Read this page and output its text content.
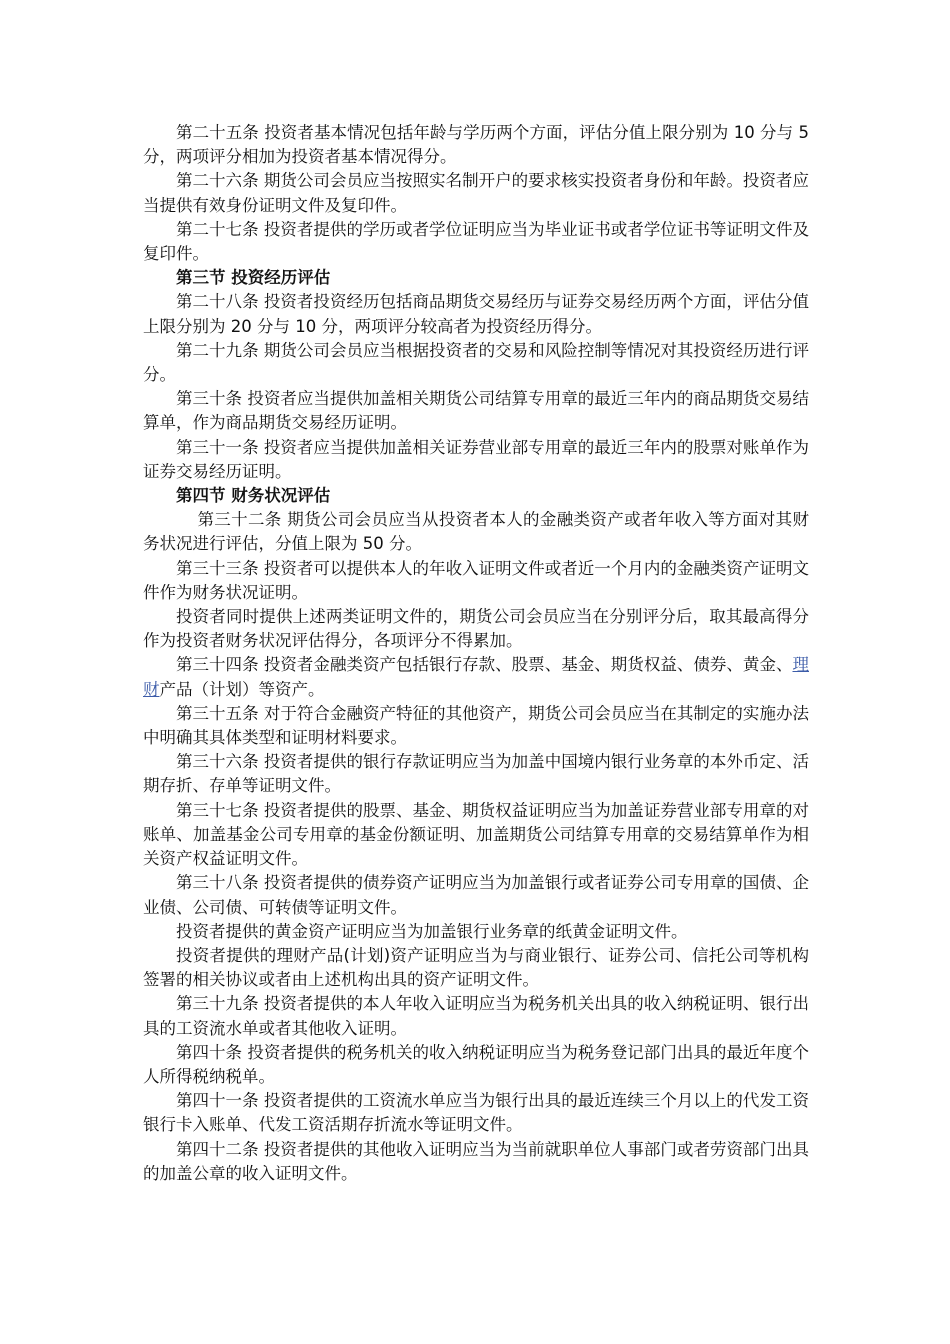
第二十五条 投资者基本情况包括年龄与学历两个方面，评估分值上限分别为 10 分与 5 分，两项评分相加为投资者基本情况得分。

第二十六条 期货公司会员应当按照实名制开户的要求核实投资者身份和年龄。投资者应当提供有效身份证明文件及复印件。

第二十七条 投资者提供的学历或者学位证明应当为毕业证书或者学位证书等证明文件及复印件。

第三节 投资经历评估

第二十八条 投资者投资经历包括商品期货交易经历与证券交易经历两个方面，评估分值上限分别为 20 分与 10 分，两项评分较高者为投资经历得分。

第二十九条 期货公司会员应当根据投资者的交易和风险控制等情况对其投资经历进行评分。

第三十条 投资者应当提供加盖相关期货公司结算专用章的最近三年内的商品期货交易结算单，作为商品期货交易经历证明。

第三十一条 投资者应当提供加盖相关证券营业部专用章的最近三年内的股票对账单作为证券交易经历证明。

第四节 财务状况评估

第三十二条 期货公司会员应当从投资者本人的金融类资产或者年收入等方面对其财务状况进行评估，分值上限为 50 分。

第三十三条 投资者可以提供本人的年收入证明文件或者近一个月内的金融类资产证明文件作为财务状况证明。

投资者同时提供上述两类证明文件的，期货公司会员应当在分别评分后，取其最高得分作为投资者财务状况评估得分，各项评分不得累加。

第三十四条 投资者金融类资产包括银行存款、股票、基金、期货权益、债券、黄金、理财产品（计划）等资产。

第三十五条 对于符合金融资产特征的其他资产，期货公司会员应当在其制定的实施办法中明确其具体类型和证明材料要求。

第三十六条 投资者提供的银行存款证明应当为加盖中国境内银行业务章的本外币定、活期存折、存单等证明文件。

第三十七条 投资者提供的股票、基金、期货权益证明应当为加盖证券营业部专用章的对账单、加盖基金公司专用章的基金份额证明、加盖期货公司结算专用章的交易结算单作为相关资产权益证明文件。

第三十八条 投资者提供的债券资产证明应当为加盖银行或者证券公司专用章的国债、企业债、公司债、可转债等证明文件。

投资者提供的黄金资产证明应当为加盖银行业务章的纸黄金证明文件。

投资者提供的理财产品(计划)资产证明应当为与商业银行、证券公司、信托公司等机构签署的相关协议或者由上述机构出具的资产证明文件。

第三十九条 投资者提供的本人年收入证明应当为税务机关出具的收入纳税证明、银行出具的工资流水单或者其他收入证明。

第四十条 投资者提供的税务机关的收入纳税证明应当为税务登记部门出具的最近年度个人所得税纳税单。

第四十一条 投资者提供的工资流水单应当为银行出具的最近连续三个月以上的代发工资银行卡入账单、代发工资活期存折流水等证明文件。

第四十二条 投资者提供的其他收入证明应当为当前就职单位人事部门或者劳资部门出具的加盖公章的收入证明文件。
